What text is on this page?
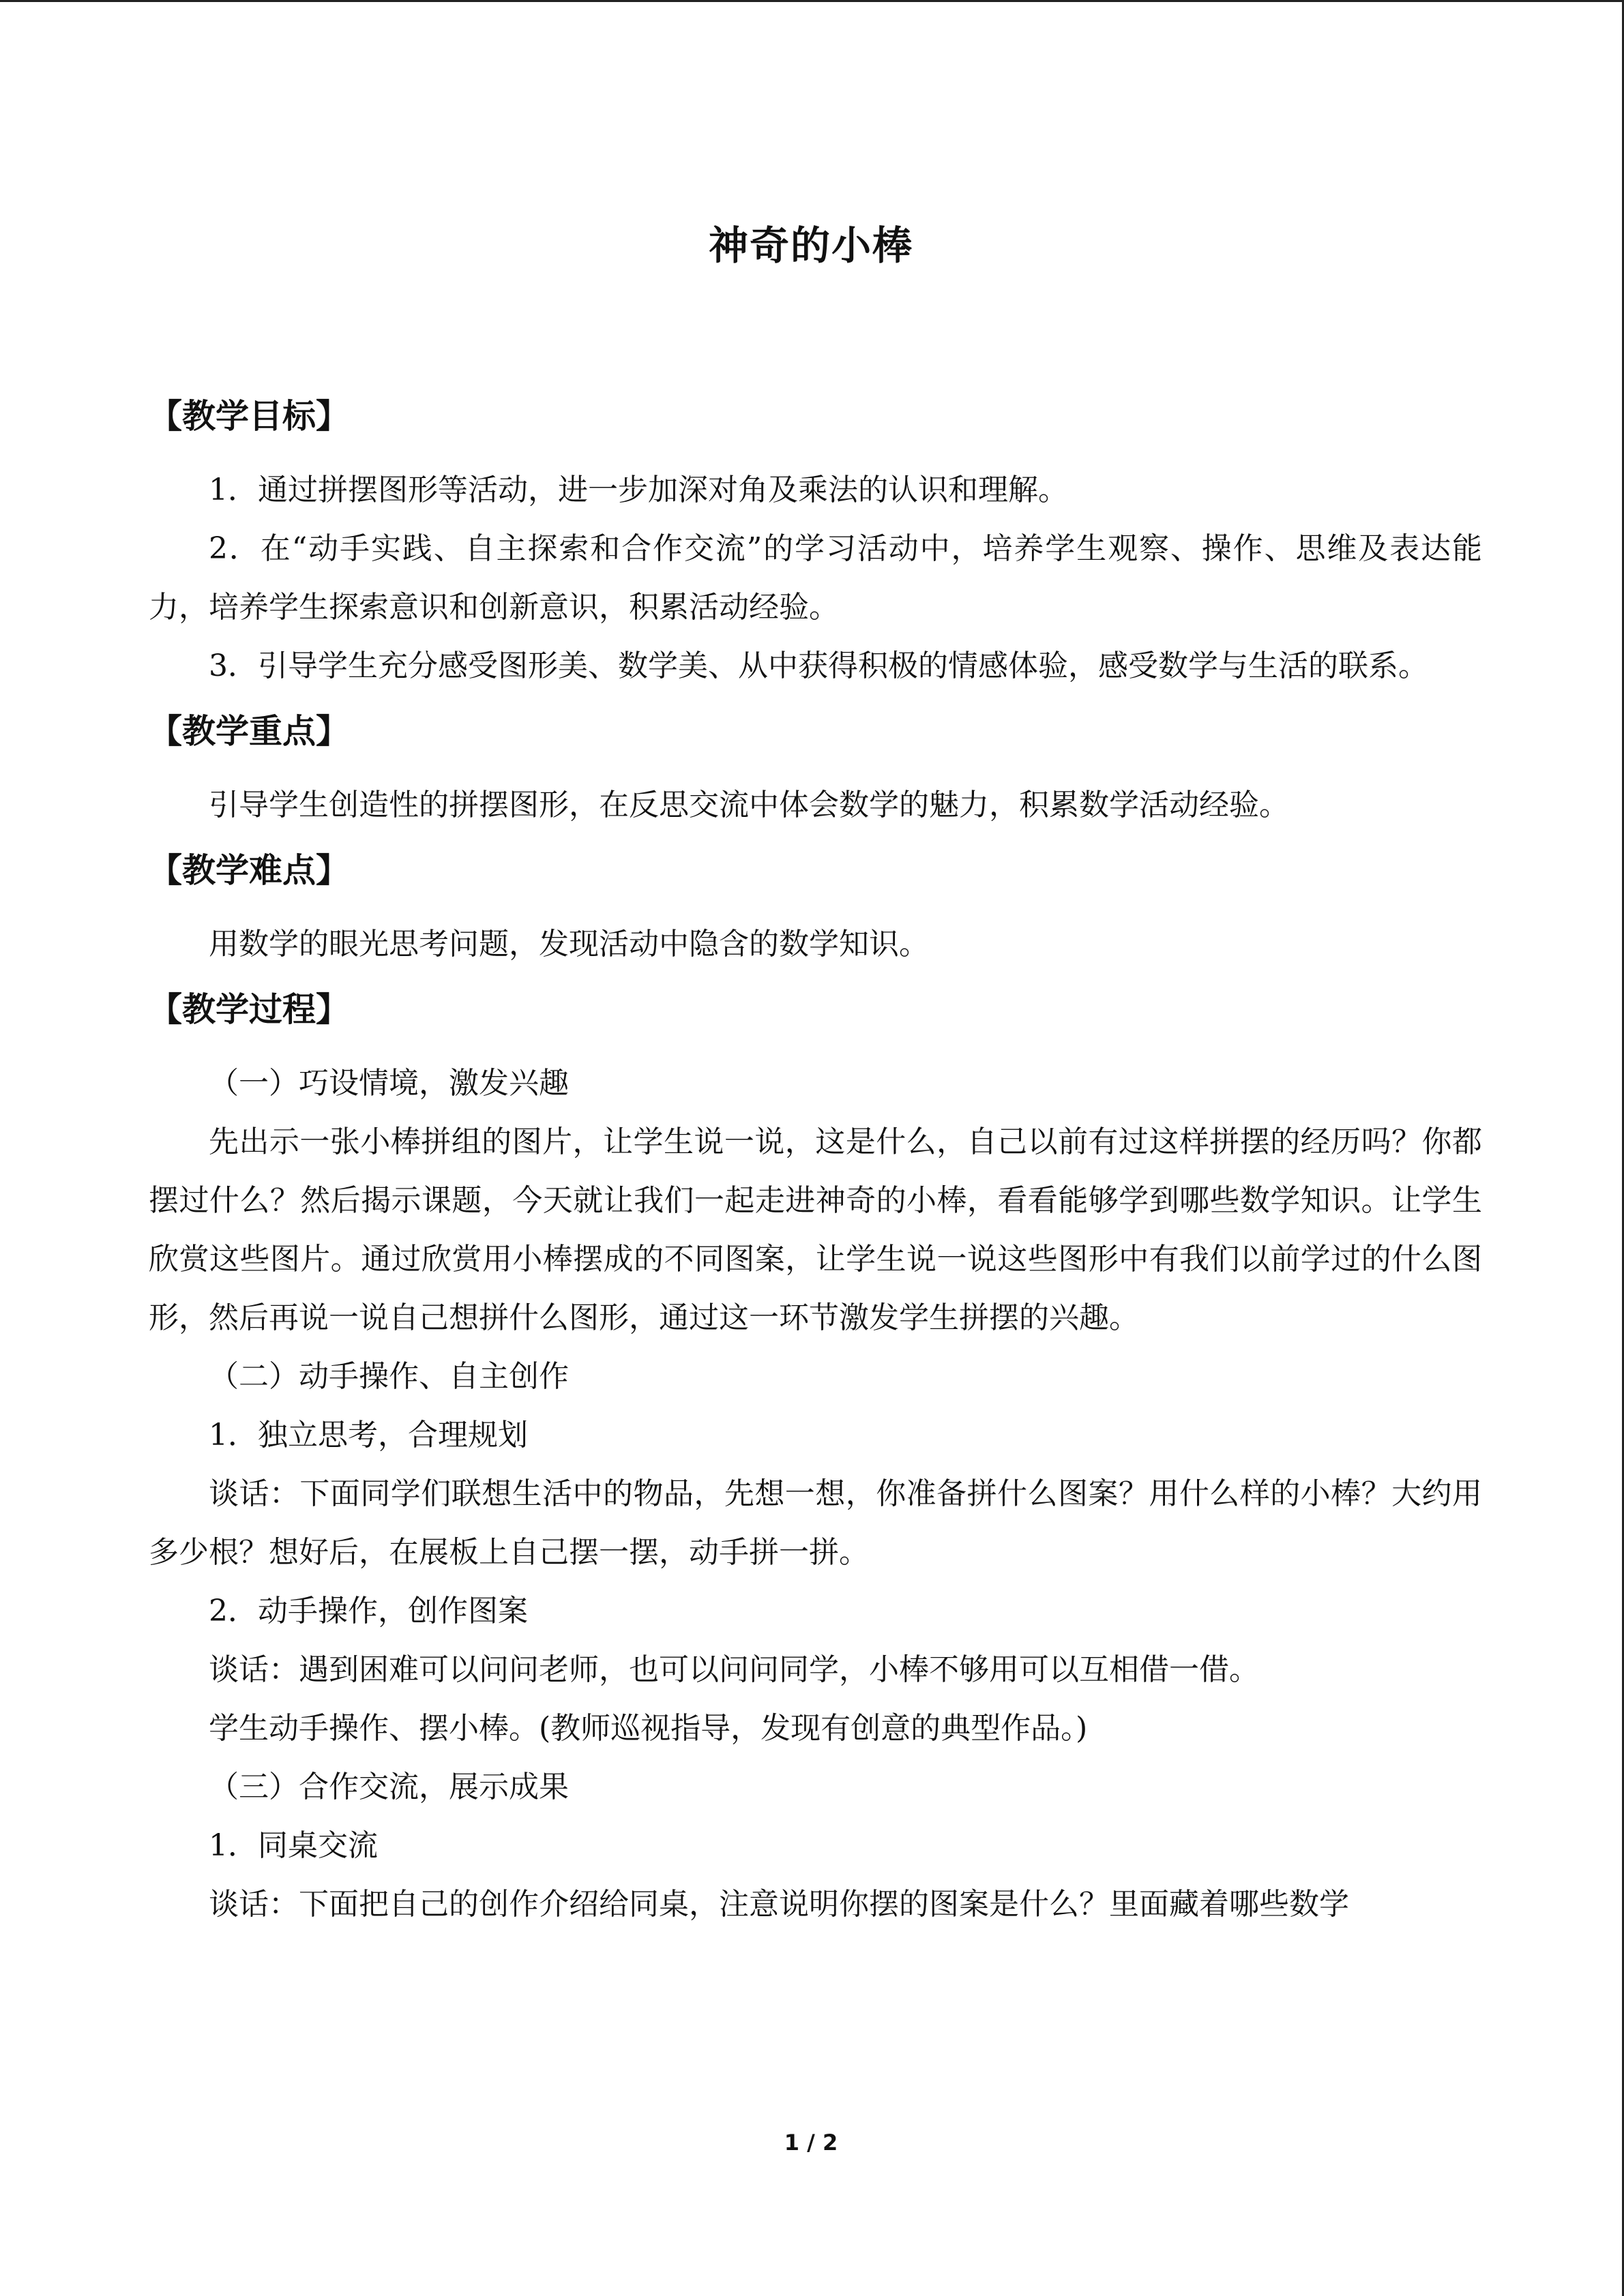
神奇的小棒
【教学目标】

1．通过拼摆图形等活动，进一步加深对角及乘法的认识和理解。

2．在“动手实践、自主探索和合作交流”的学习活动中，培养学生观察、操作、思维及表达能力，培养学生探索意识和创新意识，积累活动经验。

3．引导学生充分感受图形美、数学美、从中获得积极的情感体验，感受数学与生活的联系。

【教学重点】

引导学生创造性的拼摆图形，在反思交流中体会数学的魅力，积累数学活动经验。

【教学难点】

用数学的眼光思考问题，发现活动中隐含的数学知识。

【教学过程】

（一）巧设情境，激发兴趣

先出示一张小棒拼组的图片，让学生说一说，这是什么，自己以前有过这样拼摆的经历吗？你都摆过什么？然后揭示课题，今天就让我们一起走进神奇的小棒，看看能够学到哪些数学知识。让学生欣赏这些图片。通过欣赏用小棒摆成的不同图案，让学生说一说这些图形中有我们以前学过的什么图形，然后再说一说自己想拼什么图形，通过这一环节激发学生拼摆的兴趣。

（二）动手操作、自主创作

1．独立思考，合理规划

谈话：下面同学们联想生活中的物品，先想一想，你准备拼什么图案？用什么样的小棒？大约用多少根？想好后，在展板上自己摆一摆，动手拼一拼。

2．动手操作，创作图案

谈话：遇到困难可以问问老师，也可以问问同学，小棒不够用可以互相借一借。

学生动手操作、摆小棒。(教师巡视指导，发现有创意的典型作品。)

（三）合作交流，展示成果

1．同桌交流

谈话：下面把自己的创作介绍给同桌，注意说明你摆的图案是什么？里面藏着哪些数学

1 / 2
